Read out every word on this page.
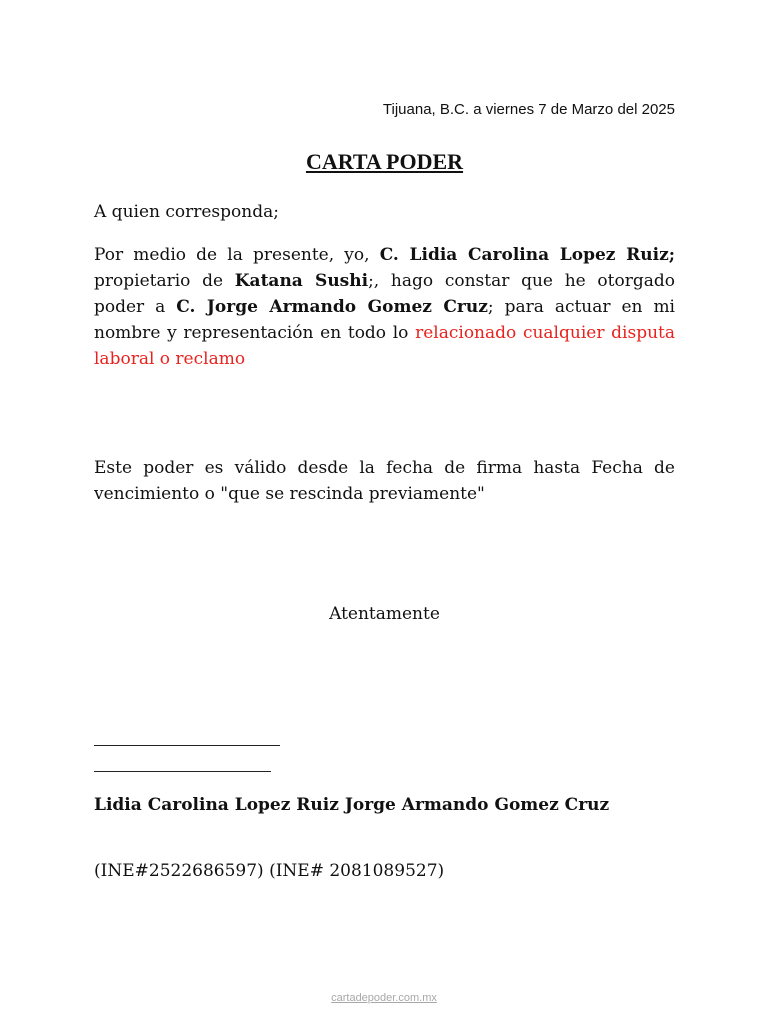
Tijuana, B.C. a viernes 7 de Marzo del 2025
CARTA PODER
A quien corresponda;
Por medio de la presente, yo, C. Lidia Carolina Lopez Ruiz; propietario de Katana Sushi;, hago constar que he otorgado poder a C. Jorge Armando Gomez Cruz; para actuar en mi nombre y representación en todo lo relacionado cualquier disputa laboral o reclamo
Este poder es válido desde la fecha de firma hasta Fecha de vencimiento o "que se rescinda previamente"
Atentamente
Lidia Carolina Lopez Ruiz Jorge Armando Gomez Cruz
(INE#2522686597) (INE# 2081089527)
cartadepoder.com.mx
